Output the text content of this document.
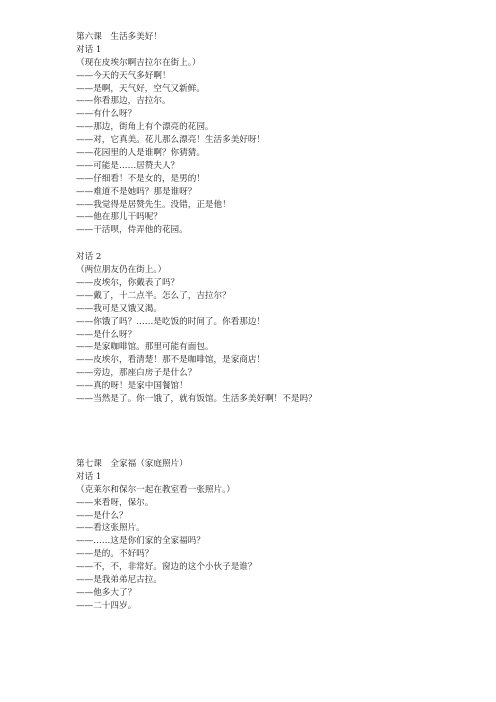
第六课　生活多美好！
对话 1
（现在皮埃尔啊吉拉尔在街上。）
——今天的天气多好啊！
——是啊，天气好，空气又新鲜。
——你看那边，吉拉尔。
——有什么呀？
——那边，街角上有个漂亮的花园。
——对，它真美。花儿那么漂亮！生活多美好呀！
——花园里的人是谁啊？你猜猜。
——可能是……居赞夫人？
——仔细看！不是女的，是男的！
——难道不是她吗？那是谁呀？
——我觉得是居赞先生。没错，正是他！
——他在那儿干吗呢？
——干活呗，侍弄他的花园。
对话 2
（两位朋友仍在街上。）
——皮埃尔，你戴表了吗？
——戴了，十二点半。怎么了，吉拉尔？
——我可是又饿又渴。
——你饿了吗？……是吃饭的时间了。你看那边！
——是什么呀？
——是家咖啡馆。那里可能有面包。
——皮埃尔，看清楚！那不是咖啡馆，是家商店！
——旁边，那座白房子是什么？
——真的呀！是家中国餐馆！
——当然是了。你一饿了，就有饭馆。生活多美好啊！不是吗？
第七课　全家福（家庭照片）
对话 1
（克莱尔和保尔一起在教室看一张照片。）
——来看呀，保尔。
——是什么？
——看这张照片。
——……这是你们家的全家福吗？
——是的。不好吗？
——不，不，非常好。窗边的这个小伙子是谁？
——是我弟弟尼古拉。
——他多大了？
——二十四岁。
